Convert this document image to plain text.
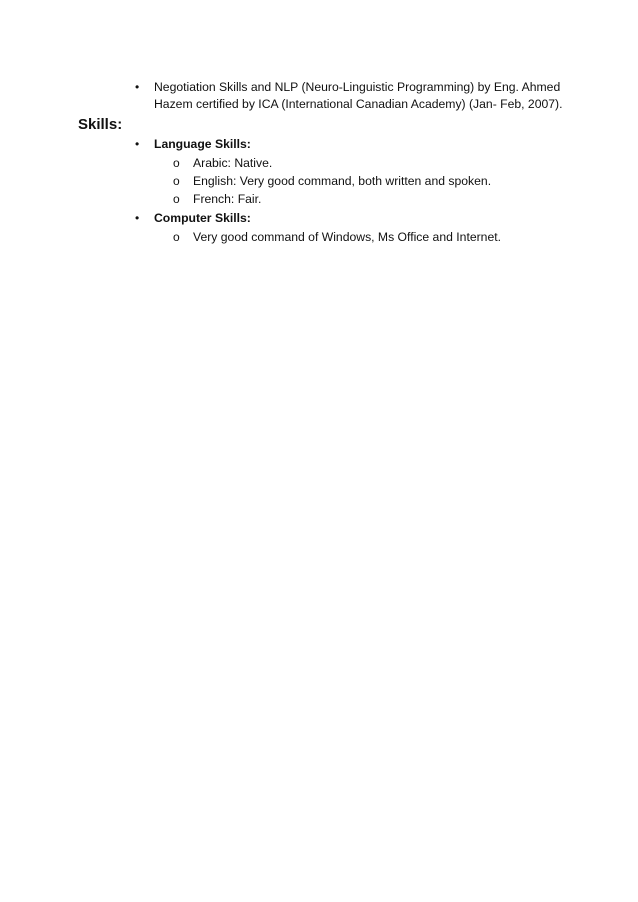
• Negotiation Skills and NLP (Neuro-Linguistic Programming) by Eng. Ahmed
Hazem certified by ICA (International Canadian Academy) (Jan- Feb, 2007).
Skills:
• Language Skills:
o Arabic: Native.
o English: Very good command, both written and spoken.
o French: Fair.
• Computer Skills:
o Very good command of Windows, Ms Office and Internet.
